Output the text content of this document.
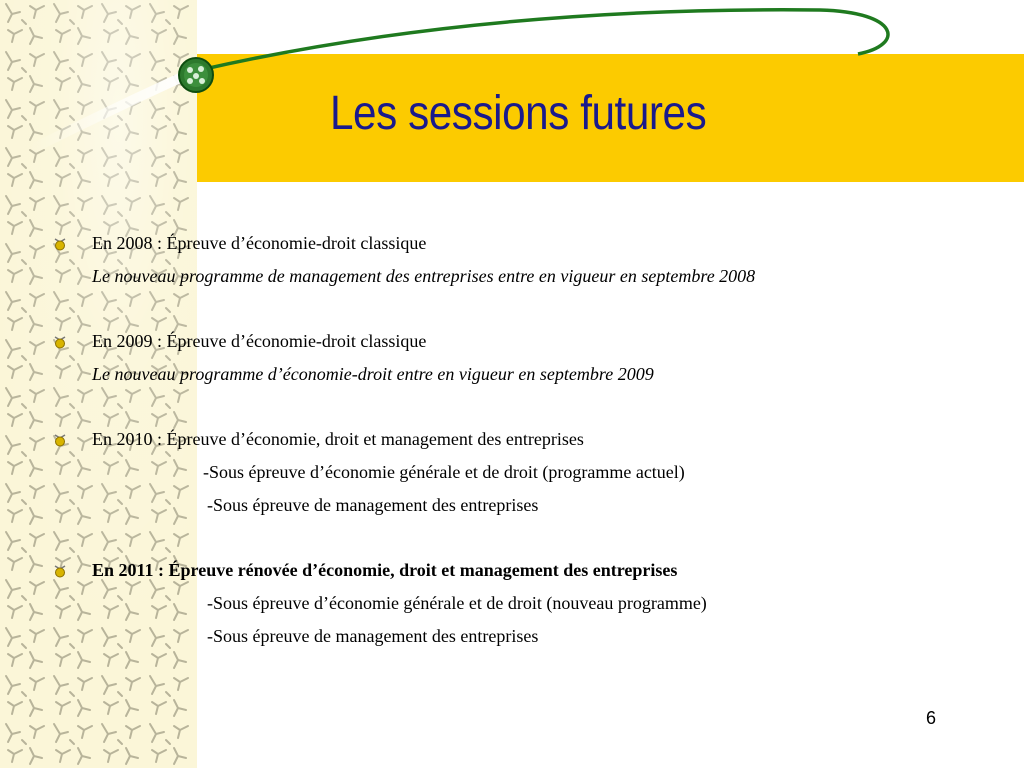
Les sessions futures
En 2008 : Épreuve d’économie-droit classique
Le nouveau programme de management des entreprises entre en vigueur en septembre 2008
En 2009 : Épreuve d’économie-droit classique
Le nouveau programme d’économie-droit entre en vigueur en septembre 2009
En 2010 : Épreuve d’économie, droit et management des entreprises
-Sous épreuve d’économie générale et de droit (programme actuel)
-Sous épreuve de management des entreprises
En 2011 : Épreuve rénovée d’économie, droit et management des entreprises
-Sous épreuve d’économie générale et de droit (nouveau programme)
-Sous épreuve de management des entreprises
6
